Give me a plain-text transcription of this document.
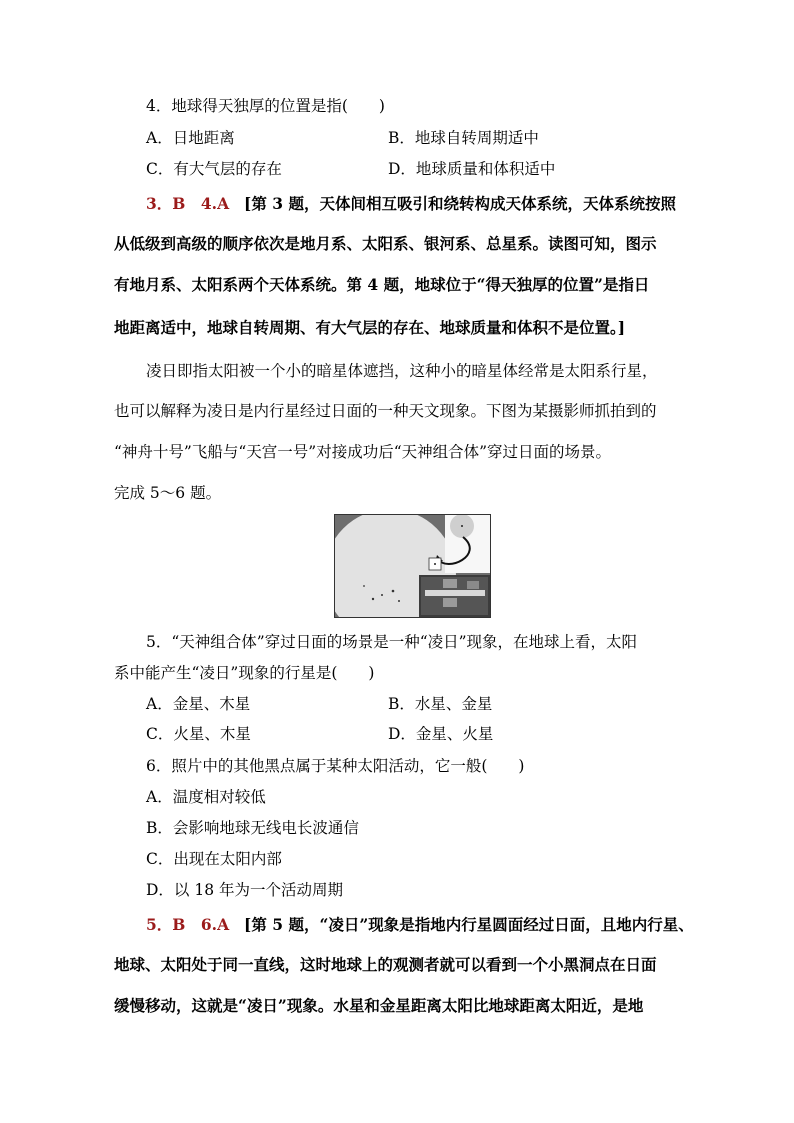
4．地球得天独厚的位置是指(　　)
A．日地距离	B．地球自转周期适中
C．有大气层的存在	D．地球质量和体积适中
3．B　4.A [第 3 题，天体间相互吸引和绕转构成天体系统，天体系统按照
从低级到高级的顺序依次是地月系、太阳系、银河系、总星系。读图可知，图示
有地月系、太阳系两个天体系统。第 4 题，地球位于“得天独厚的位置”是指日
地距离适中，地球自转周期、有大气层的存在、地球质量和体积不是位置。]
凌日即指太阳被一个小的暗星体遮挡，这种小的暗星体经常是太阳系行星，
也可以解释为凌日是内行星经过日面的一种天文现象。下图为某摄影师抓拍到的
“神舟十号”飞船与“天宫一号”对接成功后“天神组合体”穿过日面的场景。
完成 5～6 题。
5．“天神组合体”穿过日面的场景是一种“凌日”现象，在地球上看，太阳
系中能产生“凌日”现象的行星是(　　)
A．金星、木星	B．水星、金星
C．火星、木星	D．金星、火星
6．照片中的其他黑点属于某种太阳活动，它一般(　　)
A．温度相对较低
B．会影响地球无线电长波通信
C．出现在太阳内部
D．以 18 年为一个活动周期
5．B　6.A [第 5 题，“凌日”现象是指地内行星圆面经过日面，且地内行星、
地球、太阳处于同一直线，这时地球上的观测者就可以看到一个小黑洞点在日面
缓慢移动，这就是“凌日”现象。水星和金星距离太阳比地球距离太阳近，是地
